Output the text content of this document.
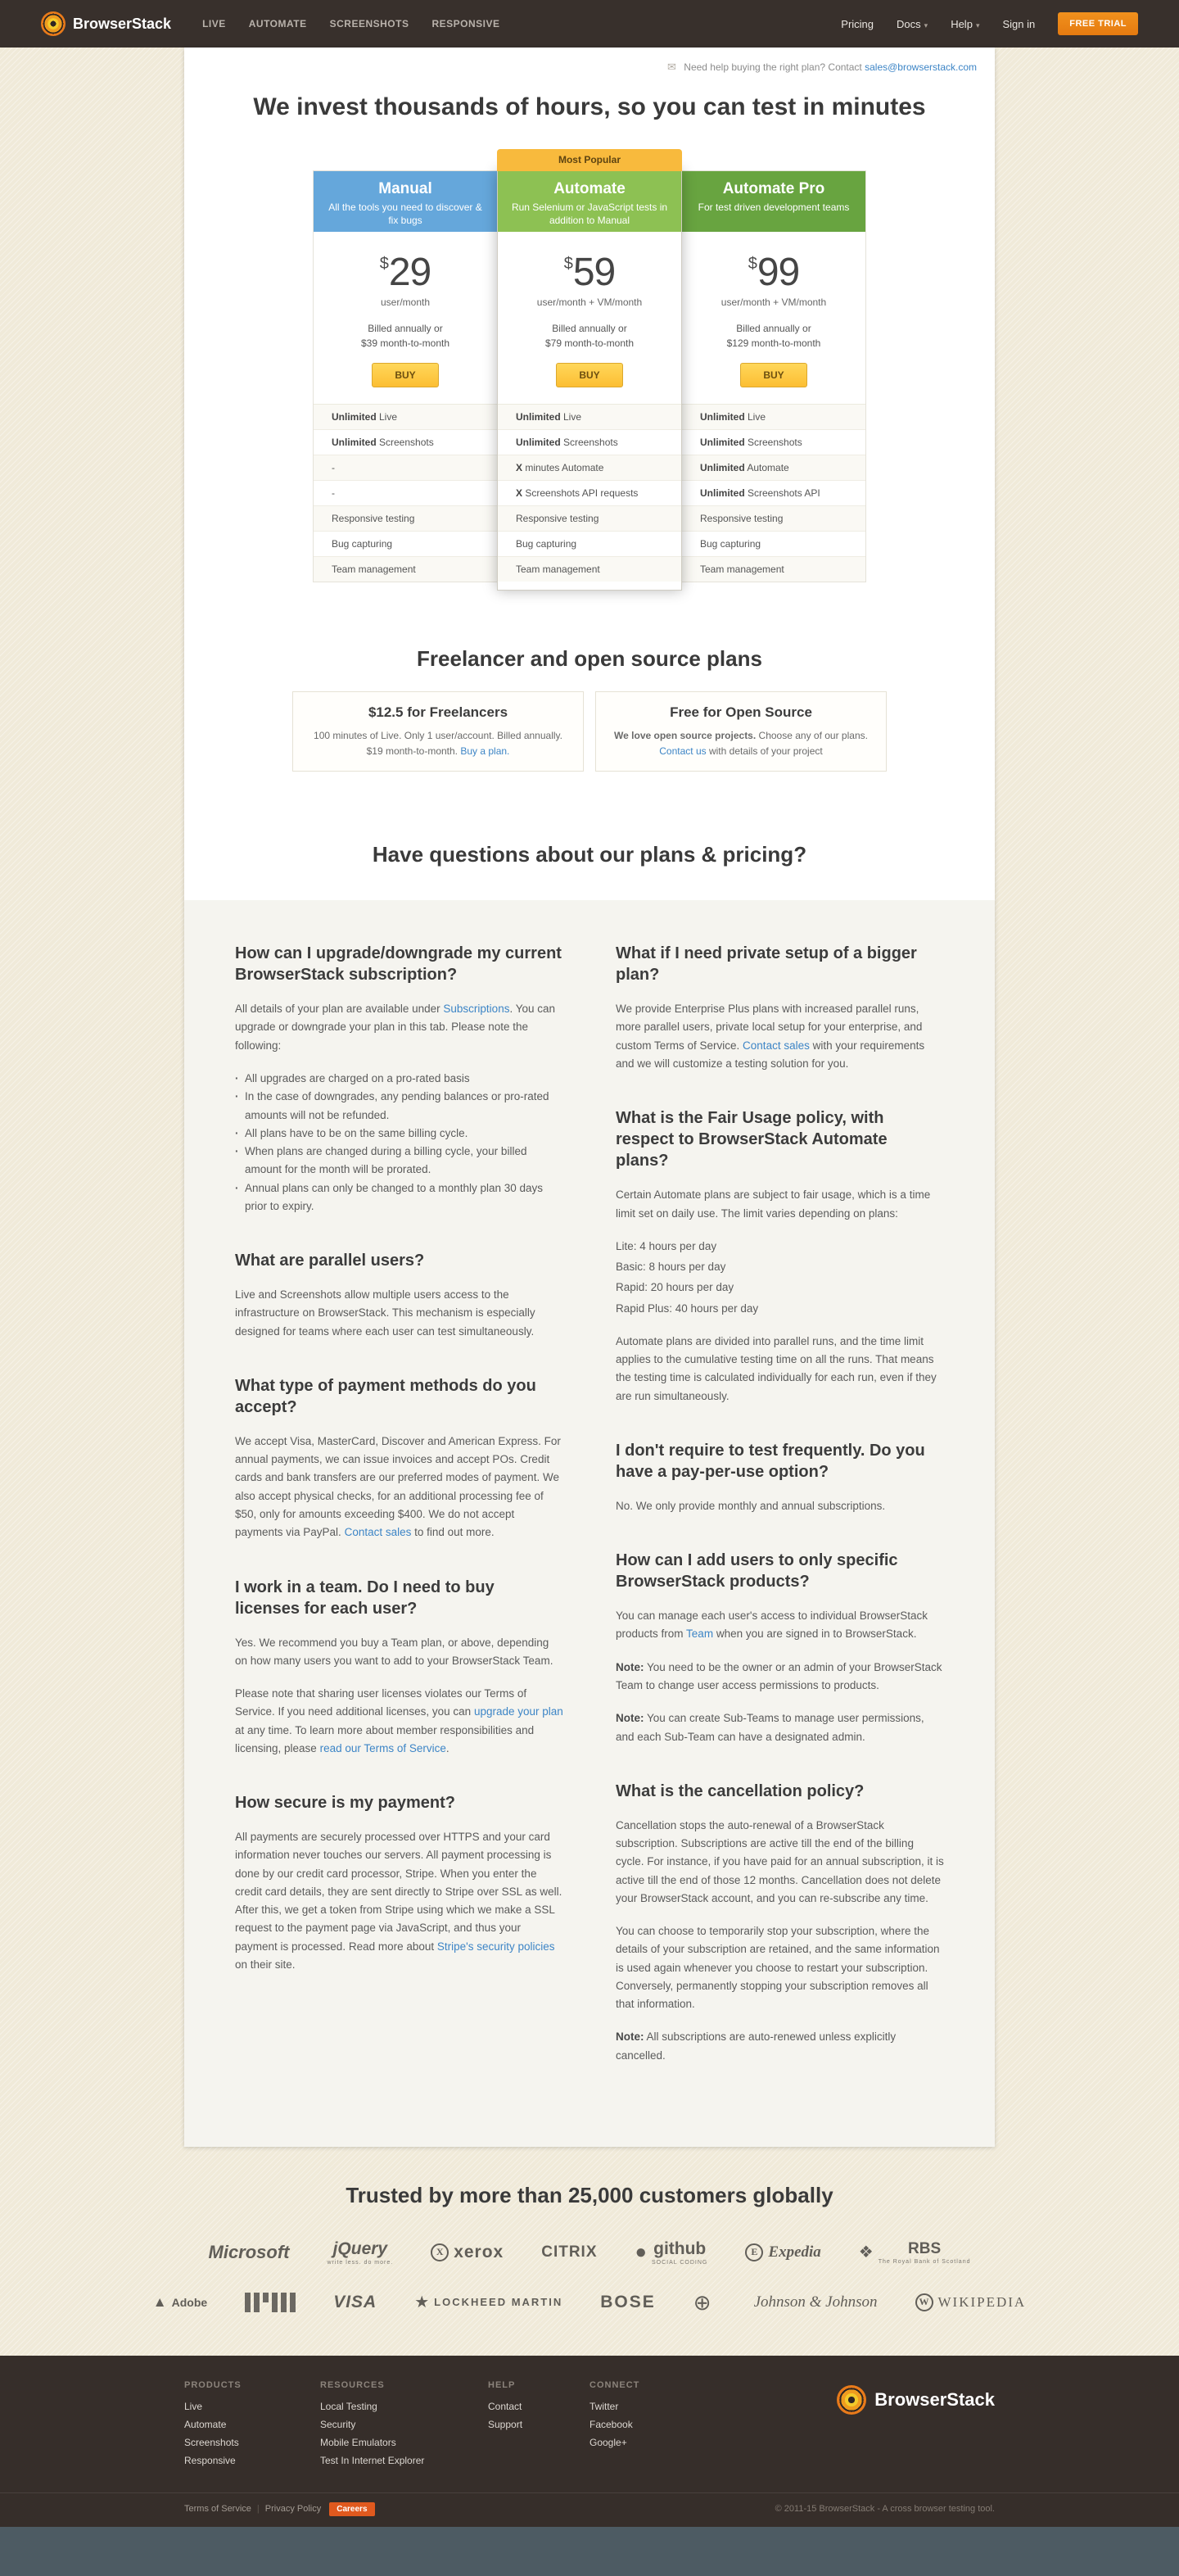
BrowserStack	LIVE AUTOMATE SCREENSHOTS RESPONSIVE	Pricing Docs ▾ Help ▾ Sign in	FREE TRIAL
✉ Need help buying the right plan? Contact sales@browserstack.com
We invest thousands of hours, so you can test in minutes
Manual
All the tools you need to discover & fix bugs
$29
user/month
Billed annually or
$39 month-to-month
BUY
Unlimited Live
Unlimited Screenshots
-
-
Responsive testing
Bug capturing
Team management
Most Popular
Automate
Run Selenium or JavaScript tests in addition to Manual
$59
user/month + VM/month
Billed annually or
$79 month-to-month
BUY
Unlimited Live
Unlimited Screenshots
X minutes Automate
X Screenshots API requests
Responsive testing
Bug capturing
Team management
Automate Pro
For test driven development teams
$99
user/month + VM/month
Billed annually or
$129 month-to-month
BUY
Unlimited Live
Unlimited Screenshots
Unlimited Automate
Unlimited Screenshots API
Responsive testing
Bug capturing
Team management
Freelancer and open source plans
$12.5 for Freelancers
100 minutes of Live. Only 1 user/account. Billed annually. $19 month-to-month. Buy a plan.
Free for Open Source
We love open source projects. Choose any of our plans. Contact us with details of your project
Have questions about our plans & pricing?
How can I upgrade/downgrade my current BrowserStack subscription?

All details of your plan are available under Subscriptions. You can upgrade or downgrade your plan in this tab. Please note the following:

· All upgrades are charged on a pro-rated basis
· In the case of downgrades, any pending balances or pro-rated amounts will not be refunded.
· All plans have to be on the same billing cycle.
· When plans are changed during a billing cycle, your billed amount for the month will be prorated.
· Annual plans can only be changed to a monthly plan 30 days prior to expiry.
What are parallel users?

Live and Screenshots allow multiple users access to the infrastructure on BrowserStack. This mechanism is especially designed for teams where each user can test simultaneously.

What type of payment methods do you accept?

We accept Visa, MasterCard, Discover and American Express. For annual payments, we can issue invoices and accept POs. Credit cards and bank transfers are our preferred modes of payment. We also accept physical checks, for an additional processing fee of $50, only for amounts exceeding $400. We do not accept payments via PayPal. Contact sales to find out more.

I work in a team. Do I need to buy licenses for each user?

Yes. We recommend you buy a Team plan, or above, depending on how many users you want to add to your BrowserStack Team.

Please note that sharing user licenses violates our Terms of Service. If you need additional licenses, you can upgrade your plan at any time. To learn more about member responsibilities and licensing, please read our Terms of Service.

How secure is my payment?

All payments are securely processed over HTTPS and your card information never touches our servers. All payment processing is done by our credit card processor, Stripe. When you enter the credit card details, they are sent directly to Stripe over SSL as well. After this, we get a token from Stripe using which we make a SSL request to the payment page via JavaScript, and thus your payment is processed. Read more about Stripe's security policies on their site.

What if I need private setup of a bigger plan?

We provide Enterprise Plus plans with increased parallel runs, more parallel users, private local setup for your enterprise, and custom Terms of Service. Contact sales with your requirements and we will customize a testing solution for you.

What is the Fair Usage policy, with respect to BrowserStack Automate plans?

Certain Automate plans are subject to fair usage, which is a time limit set on daily use. The limit varies depending on plans:

Lite: 4 hours per day

Basic: 8 hours per day

Rapid: 20 hours per day

Rapid Plus: 40 hours per day

Automate plans are divided into parallel runs, and the time limit applies to the cumulative testing time on all the runs. That means the testing time is calculated individually for each run, even if they are run simultaneously.

I don't require to test frequently. Do you have a pay-per-use option?

No. We only provide monthly and annual subscriptions.

How can I add users to only specific BrowserStack products?

You can manage each user's access to individual BrowserStack products from Team when you are signed in to BrowserStack.

Note: You need to be the owner or an admin of your BrowserStack Team to change user access permissions to products.

Note: You can create Sub-Teams to manage user permissions, and each Sub-Team can have a designated admin.

What is the cancellation policy?

Cancellation stops the auto-renewal of a BrowserStack subscription. Subscriptions are active till the end of the billing cycle. For instance, if you have paid for an annual subscription, it is active till the end of those 12 months. Cancellation does not delete your BrowserStack account, and you can re-subscribe any time.

You can choose to temporarily stop your subscription, where the details of your subscription are retained, and the same information is used again whenever you choose to restart your subscription. Conversely, permanently stopping your subscription removes all that information.

Note: All subscriptions are auto-renewed unless explicitly cancelled.

Trusted by more than 25,000 customers globally
Microsoft	jQuery
write less. do more.
X xerox CITRIX ● github
SOCIAL CODING
E Expedia ❖ RBS
The Royal Bank of Scotland
▲ Adobe	VISA ★ LOCKHEED MARTIN BOSE ⊕	Johnson & Johnson	W WIKIPEDIA
PRODUCTS
Live
Automate
Screenshots
Responsive
RESOURCES
Local Testing
Security
Mobile Emulators
Test In Internet Explorer
HELP
Contact
Support
CONNECT
Twitter
Facebook
Google+
BrowserStack
Terms of Service | Privacy Policy	Careers	© 2011-15 BrowserStack - A cross browser testing tool.
